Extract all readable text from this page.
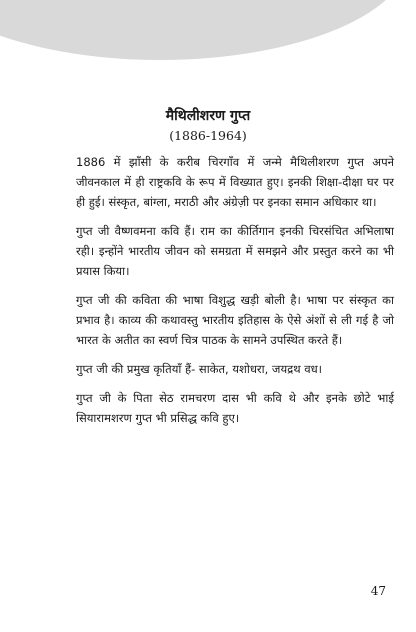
मैथिलीशरण गुप्त

(1886-1964)

1886 में झाँसी के करीब चिरगाँव में जन्मे मैथिलीशरण गुप्त अपने जीवनकाल में ही राष्ट्रकवि के रूप में विख्यात हुए। इनकी शिक्षा-दीक्षा घर पर ही हुई। संस्कृत, बांग्ला, मराठी और अंग्रेज़ी पर इनका समान अधिकार था।

गुप्त जी वैष्णवमना कवि हैं। राम का कीर्तिगान इनकी चिरसंचित अभिलाषा रही। इन्होंने भारतीय जीवन को समग्रता में समझने और प्रस्तुत करने का भी प्रयास किया।

गुप्त जी की कविता की भाषा विशुद्ध खड़ी बोली है। भाषा पर संस्कृत का प्रभाव है। काव्य की कथावस्तु भारतीय इतिहास के ऐसे अंशों से ली गई है जो भारत के अतीत का स्वर्ण चित्र पाठक के सामने उपस्थित करते हैं।

गुप्त जी की प्रमुख कृतियाँ हैं- साकेत, यशोधरा, जयद्रथ वध।

गुप्त जी के पिता सेठ रामचरण दास भी कवि थे और इनके छोटे भाई सियारामशरण गुप्त भी प्रसिद्ध कवि हुए।

47
